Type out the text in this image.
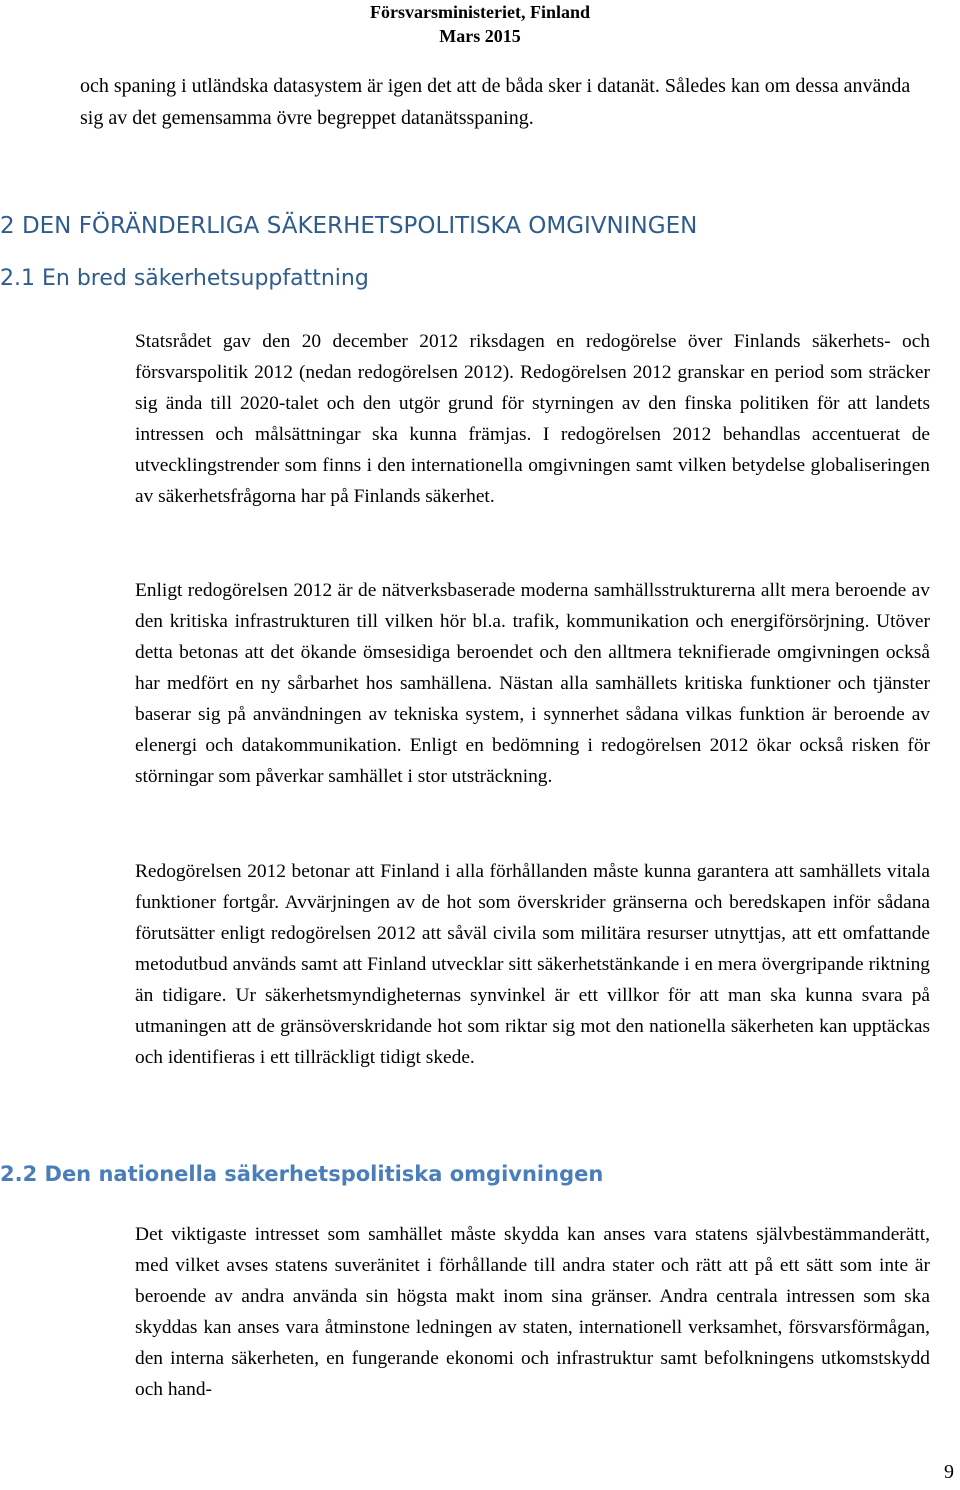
Försvarsministeriet, Finland
Mars 2015
och spaning i utländska datasystem är igen det att de båda sker i datanät. Således kan om dessa använda sig av det gemensamma övre begreppet datanätsspaning.
2 DEN FÖRÄNDERLIGA SÄKERHETSPOLITISKA OMGIVNINGEN
2.1 En bred säkerhetsuppfattning
Statsrådet gav den 20 december 2012 riksdagen en redogörelse över Finlands säkerhets- och försvarspolitik 2012 (nedan redogörelsen 2012). Redogörelsen 2012 granskar en period som sträcker sig ända till 2020-talet och den utgör grund för styrningen av den finska politiken för att landets intressen och målsättningar ska kunna främjas. I redogörelsen 2012 behandlas accentuerat de utvecklingstrender som finns i den internationella omgivningen samt vilken betydelse globaliseringen av säkerhetsfrågorna har på Finlands säkerhet.
Enligt redogörelsen 2012 är de nätverksbaserade moderna samhällsstrukturerna allt mera beroende av den kritiska infrastrukturen till vilken hör bl.a. trafik, kommunikation och energiförsörjning. Utöver detta betonas att det ökande ömsesidiga beroendet och den alltmera teknifierade omgivningen också har medfört en ny sårbarhet hos samhällena. Nästan alla samhällets kritiska funktioner och tjänster baserar sig på användningen av tekniska system, i synnerhet sådana vilkas funktion är beroende av elenergi och datakommunikation. Enligt en bedömning i redogörelsen 2012 ökar också risken för störningar som påverkar samhället i stor utsträckning.
Redogörelsen 2012 betonar att Finland i alla förhållanden måste kunna garantera att samhällets vitala funktioner fortgår. Avvärjningen av de hot som överskrider gränserna och beredskapen inför sådana förutsätter enligt redogörelsen 2012 att såväl civila som militära resurser utnyttjas, att ett omfattande metodutbud används samt att Finland utvecklar sitt säkerhetstänkande i en mera övergripande riktning än tidigare. Ur säkerhetsmyndigheternas synvinkel är ett villkor för att man ska kunna svara på utmaningen att de gränsöverskridande hot som riktar sig mot den nationella säkerheten kan upptäckas och identifieras i ett tillräckligt tidigt skede.
2.2 Den nationella säkerhetspolitiska omgivningen
Det viktigaste intresset som samhället måste skydda kan anses vara statens självbestämmanderätt, med vilket avses statens suveränitet i förhållande till andra stater och rätt att på ett sätt som inte är beroende av andra använda sin högsta makt inom sina gränser. Andra centrala intressen som ska skyddas kan anses vara åtminstone ledningen av staten, internationell verksamhet, försvarsförmågan, den interna säkerheten, en fungerande ekonomi och infrastruktur samt befolkningens utkomstskydd och hand-
9
